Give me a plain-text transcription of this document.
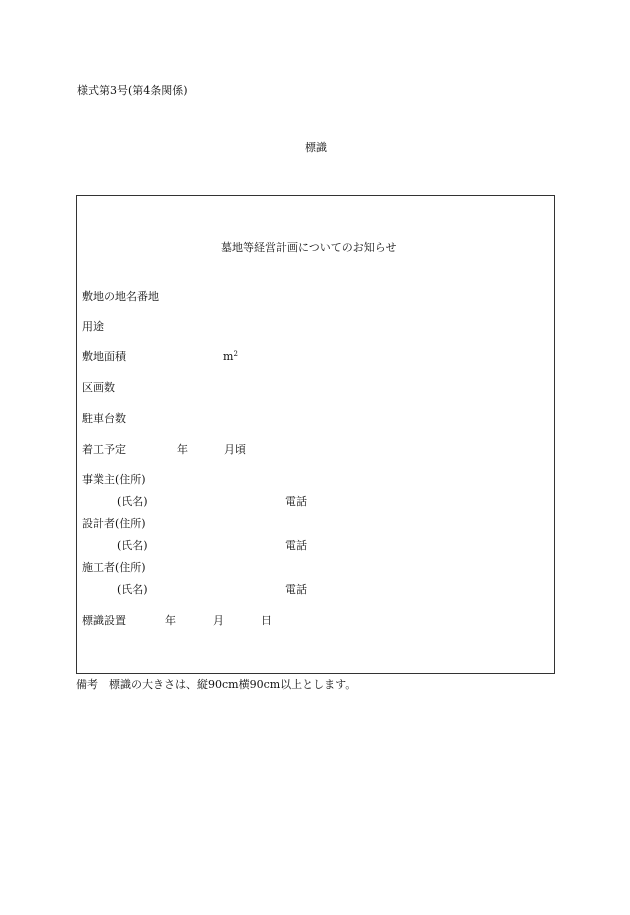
様式第3号(第4条関係)
標識
墓地等経営計画についてのお知らせ
敷地の地名番地
用途
敷地面積	$m^2$
区画数
駐車台数
着工予定	年	月頃
事業主(住所)
(氏名)	電話
設計者(住所)
(氏名)	電話
施工者(住所)
(氏名)	電話
標識設置	年	月	日
備考　標識の大きさは、縦90cm横90cm以上とします。
